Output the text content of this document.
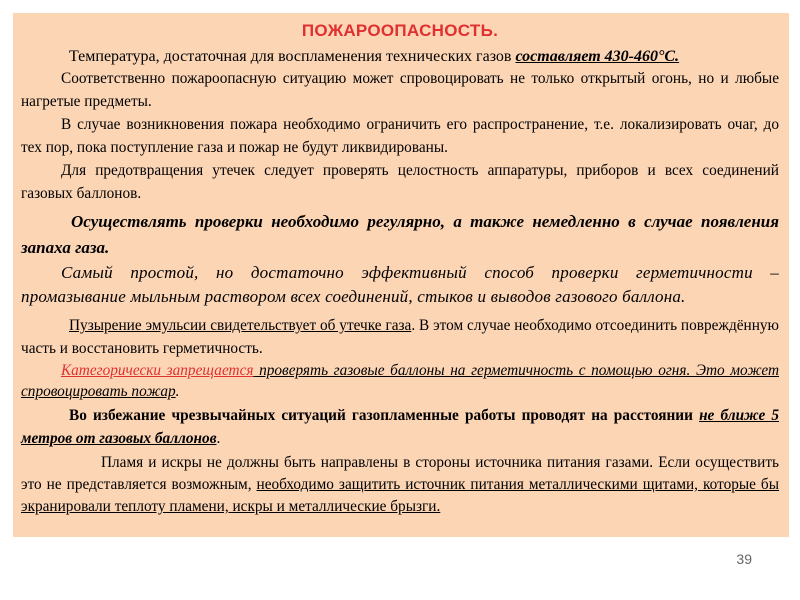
ПОЖАРООПАСНОСТЬ.

Температура, достаточная для воспламенения технических газов составляет 430-460°С.

Соответственно пожароопасную ситуацию может спровоцировать не только открытый огонь, но и любые нагретые предметы.

В случае возникновения пожара необходимо ограничить его распространение, т.е. локализировать очаг, до тех пор, пока поступление газа и пожар не будут ликвидированы.

Для предотвращения утечек следует проверять целостность аппаратуры, приборов и всех соединений газовых баллонов.

Осуществлять проверки необходимо регулярно, а также немедленно в случае появления запаха газа.

Самый простой, но достаточно эффективный способ проверки герметичности – промазывание мыльным раствором всех соединений, стыков и выводов газового баллона.

Пузырение эмульсии свидетельствует об утечке газа. В этом случае необходимо отсоединить повреждённую часть и восстановить герметичность.

Категорически запрещается проверять газовые баллоны на герметичность с помощью огня. Это может спровоцировать пожар.

Во избежание чрезвычайных ситуаций газопламенные работы проводят на расстоянии не ближе 5 метров от газовых баллонов.

Пламя и искры не должны быть направлены в стороны источника питания газами. Если осуществить это не представляется возможным, необходимо защитить источник питания металлическими щитами, которые бы экранировали теплоту пламени, искры и металлические брызги.

39
